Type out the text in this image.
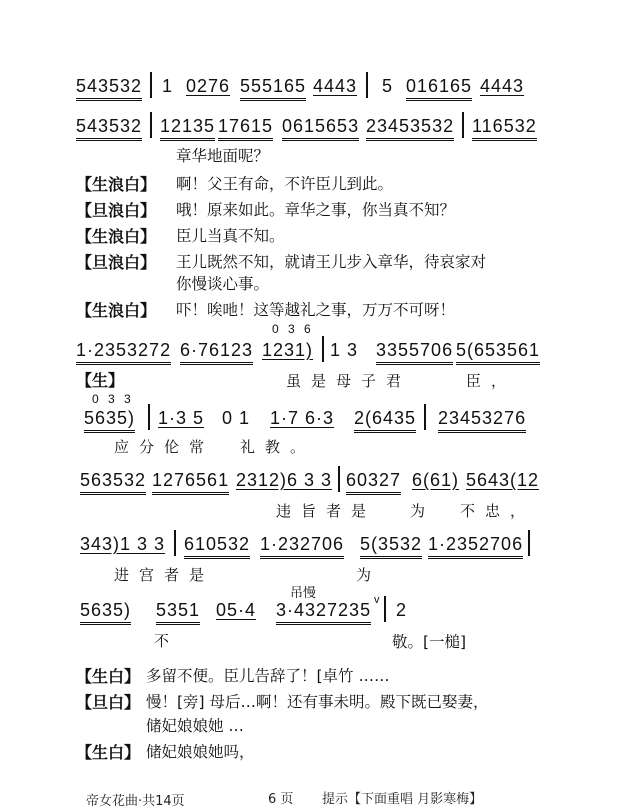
543532 1 0276 555165 4443 5 016165 4443
543532 12135 17615 0615653 23453532 116532
章华地面呢？
【生浪白】 啊！父王有命，不许臣儿到此。
【旦浪白】 哦！原来如此。章华之事，你当真不知？
【生浪白】 臣儿当真不知。
【旦浪白】 王儿既然不知，就请王儿步入章华，待哀家对
你慢谈心事。
【生浪白】 吓！唉吔！这等越礼之事，万万不可呀！
0 3 6
1·2353272 6·76123 1231) 1 3 3355706 5(653561
【生】	虽是母子君	臣，
0 3 3
5635) 1·3 5 0 1 1·7 6·3 2(6435 23453276
应分伦常 礼教。
563532 1276561 2312)6 3 3 60327 6(61) 5643(12
违旨者是 为 不忠，
343)1 3 3 610532 1·232706 5(3532 1·2352706
进宫者是	为
吊慢
5635) 5351 05·4 3·4327235 v 2
不	敬。[一槌]
【生白】 多留不便。臣儿告辞了！[卓竹 ……
【旦白】 慢！[旁] 母后…啊！还有事未明。殿下既已娶妻，
储妃娘娘她 …
【生白】 储妃娘娘她吗，
帝女花曲·共14页	6 页 提示【下面重唱 月影寒梅】
